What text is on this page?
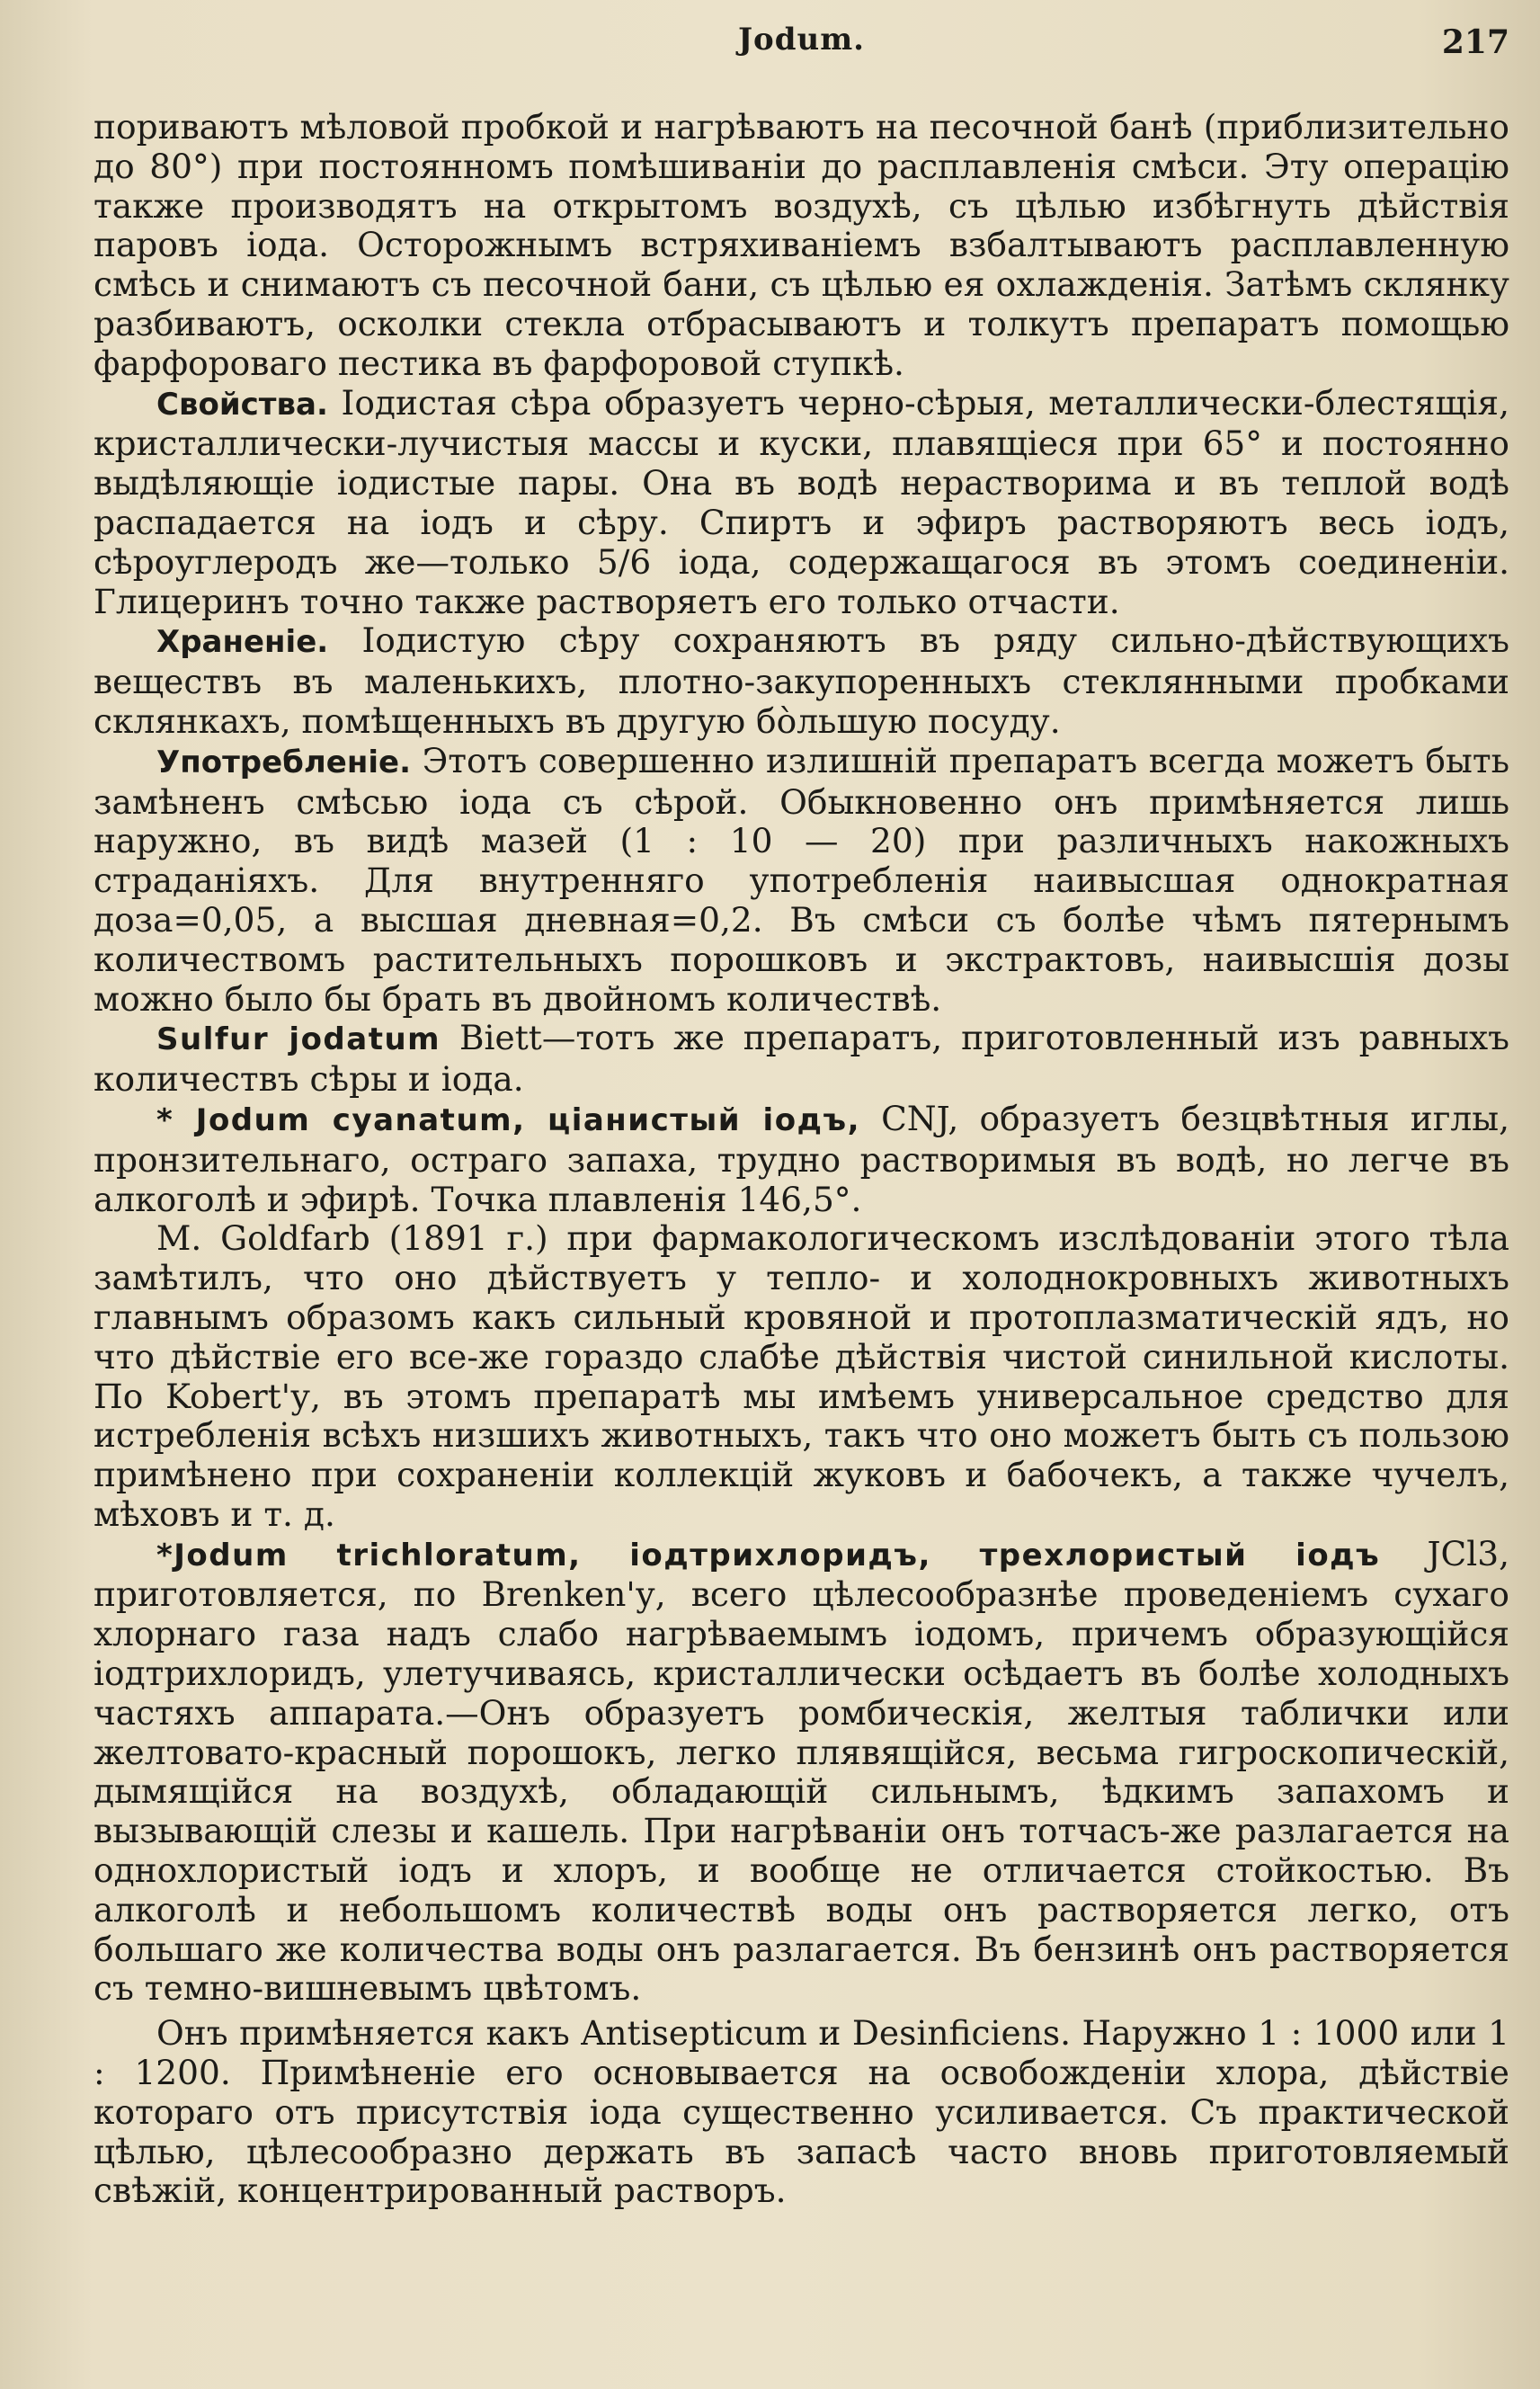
Jodum.	217

пориваютъ мѣловой пробкой и нагрѣваютъ на песочной банѣ (приблизительно до 80°) при постоянномъ помѣшиванiи до расплавленiя смѣси. Эту операцiю также производятъ на открытомъ воздухѣ, съ цѣлью избѣгнуть дѣйствiя паровъ iода. Осторожнымъ встряхиванiемъ взбалтываютъ расплавленную смѣсь и снимаютъ съ песочной бани, съ цѣлью ея охлажденiя. Затѣмъ склянку разбиваютъ, осколки стекла отбрасываютъ и толкутъ препаратъ помощью фарфороваго пестика въ фарфоровой ступкѣ.

Свойства. Iодистая сѣра образуетъ черно-сѣрыя, металлически-блестящiя, кристаллически-лучистыя массы и куски, плавящiеся при 65° и постоянно выдѣляющiе iодистые пары. Она въ водѣ нерастворима и въ теплой водѣ распадается на iодъ и сѣру. Спиртъ и эфиръ растворяютъ весь iодъ, сѣроуглеродъ же—только 5/6 iода, содержащагося въ этомъ соединенiи. Глицеринъ точно также растворяетъ его только отчасти.

Храненiе. Iодистую сѣру сохраняютъ въ ряду сильно-дѣйствующихъ веществъ въ маленькихъ, плотно-закупоренныхъ стеклянными пробками склянкахъ, помѣщенныхъ въ другую бо̀льшую посуду.

Употребленiе. Этотъ совершенно излишнiй препаратъ всегда можетъ быть замѣненъ смѣсью iода съ сѣрой. Обыкновенно онъ примѣняется лишь наружно, въ видѣ мазей (1 : 10 — 20) при различныхъ накожныхъ страданiяхъ. Для внутренняго употребленiя наивысшая однократная доза=0,05, а высшая дневная=0,2. Въ смѣси съ болѣе чѣмъ пятернымъ количествомъ растительныхъ порошковъ и экстрактовъ, наивысшiя дозы можно было бы брать въ двойномъ количествѣ.

Sulfur jodatum Biett—тотъ же препаратъ, приготовленный изъ равныхъ количествъ сѣры и iода.

* Jodum cyanatum, цiанистый iодъ, CNJ, образуетъ безцвѣтныя иглы, пронзительнаго, остраго запаха, трудно растворимыя въ водѣ, но легче въ алкоголѣ и эфирѣ. Точка плавленiя 146,5°.

M. Goldfarb (1891 г.) при фармакологическомъ изслѣдованiи этого тѣла замѣтилъ, что оно дѣйствуетъ у тепло- и холоднокровныхъ животныхъ главнымъ образомъ какъ сильный кровяной и протоплазматическiй ядъ, но что дѣйствiе его все-же гораздо слабѣе дѣйствiя чистой синильной кислоты. По Kobert'у, въ этомъ препаратѣ мы имѣемъ универсальное средство для истребленiя всѣхъ низшихъ животныхъ, такъ что оно можетъ быть съ пользою примѣнено при сохраненiи коллекцiй жуковъ и бабочекъ, а также чучелъ, мѣховъ и т. д.

*Jodum trichloratum, iодтрихлоридъ, трехлористый iодъ JCl3, приготовляется, по Brenken'у, всего цѣлесообразнѣе проведенiемъ сухаго хлорнаго газа надъ слабо нагрѣваемымъ iодомъ, причемъ образующiйся iодтрихлоридъ, улетучиваясь, кристаллически осѣдаетъ въ болѣе холодныхъ частяхъ аппарата.—Онъ образуетъ ромбическiя, желтыя таблички или желтовато-красный порошокъ, легко плявящiйся, весьма гигроскопическiй, дымящiйся на воздухѣ, обладающiй сильнымъ, ѣдкимъ запахомъ и вызывающiй слезы и кашель. При нагрѣванiи онъ тотчасъ-же разлагается на однохлористый iодъ и хлоръ, и вообще не отличается стойкостью. Въ алкоголѣ и небольшомъ количествѣ воды онъ растворяется легко, отъ большаго же количества воды онъ разлагается. Въ бензинѣ онъ растворяется съ темно-вишневымъ цвѣтомъ.

Онъ примѣняется какъ Antisepticum и Desinficiens. Наружно 1 : 1000 или 1 : 1200. Примѣненiе его основывается на освобожденiи хлора, дѣйствiе котораго отъ присутствiя iода существенно усиливается. Съ практической цѣлью, цѣлесообразно держать въ запасѣ часто вновь приготовляемый свѣжiй, концентрированный растворъ.
